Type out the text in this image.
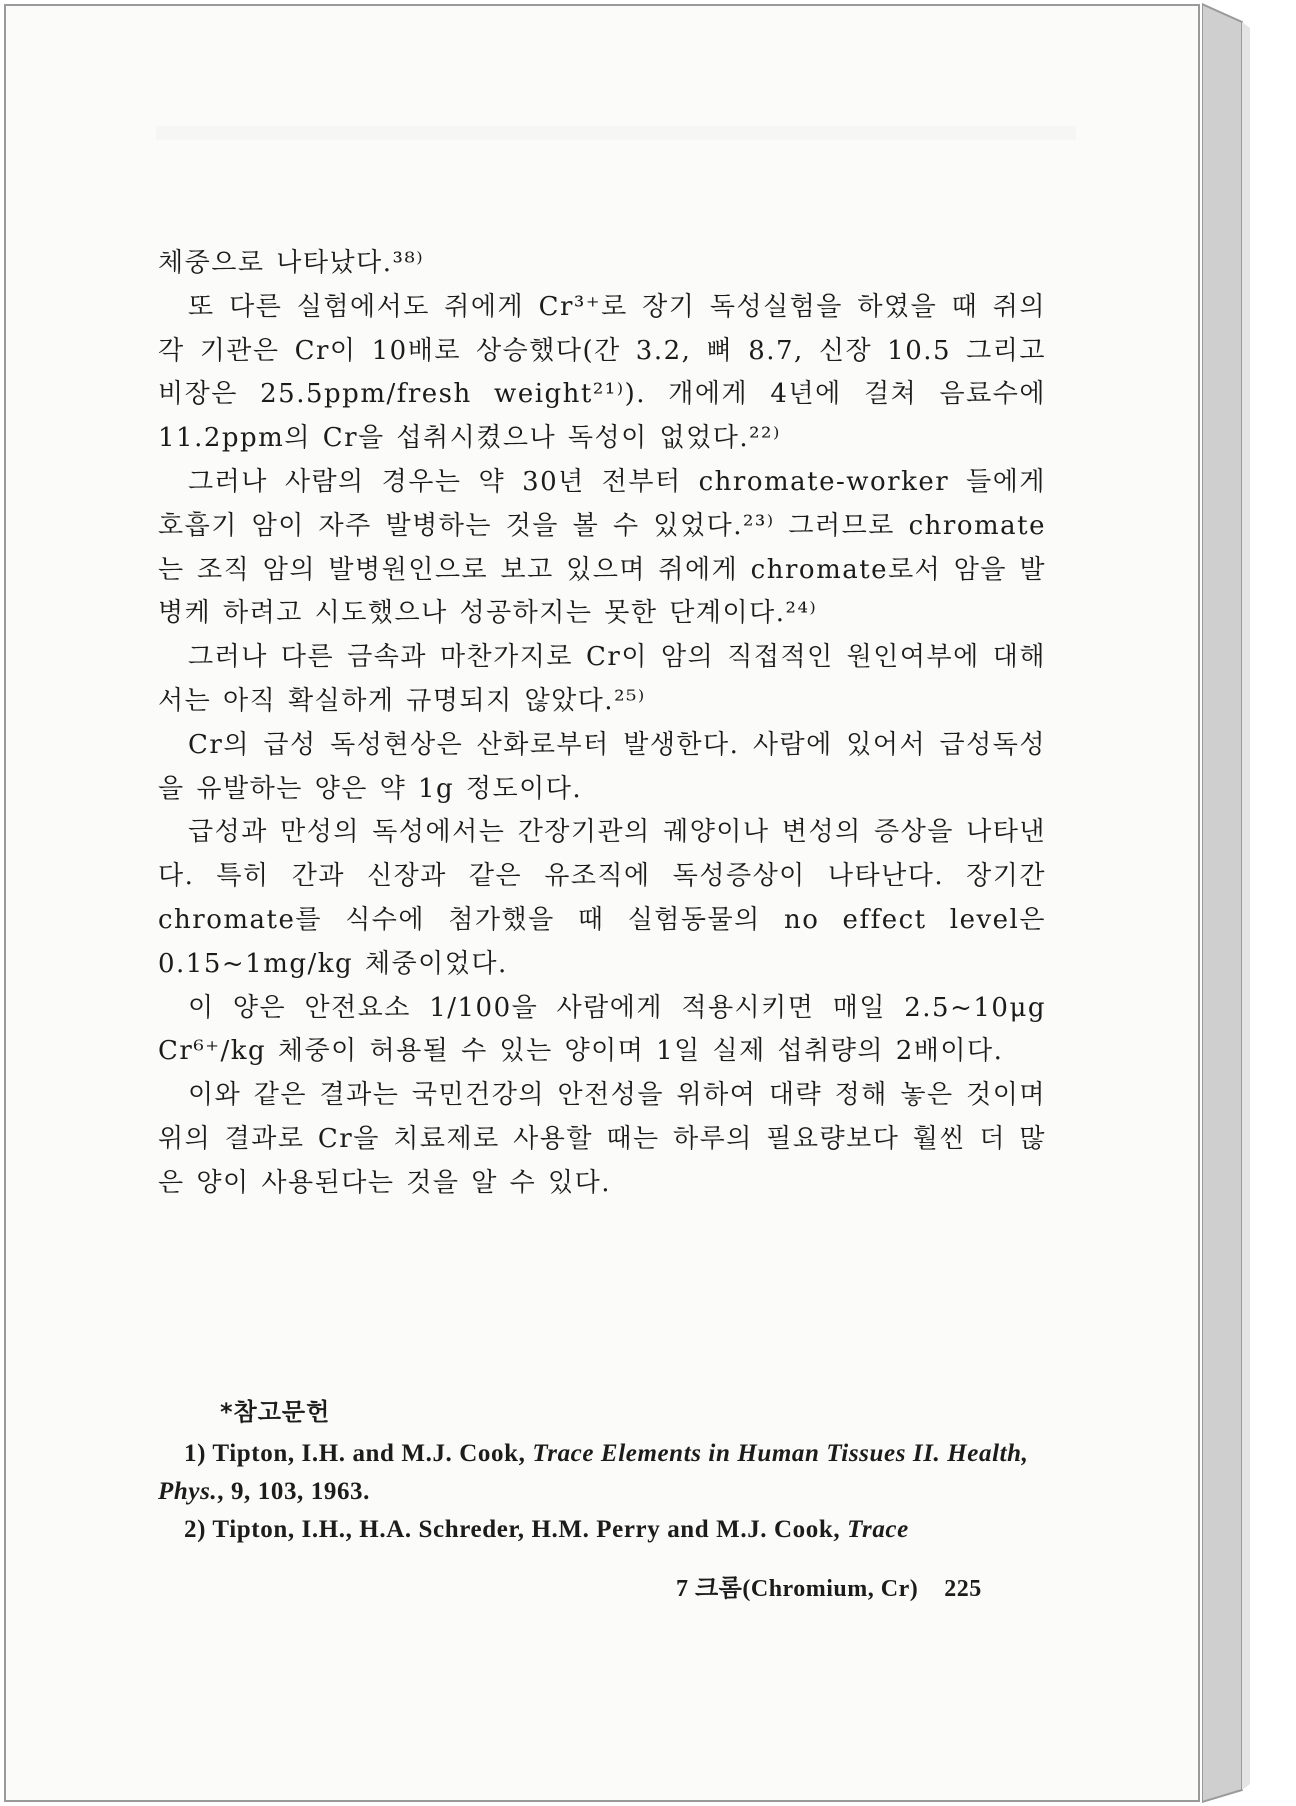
체중으로 나타났다.³⁸⁾

또 다른 실험에서도 쥐에게 Cr³⁺로 장기 독성실험을 하였을 때 쥐의 각 기관은 Cr이 10배로 상승했다(간 3.2, 뼈 8.7, 신장 10.5 그리고 비장은 25.5ppm/fresh weight²¹⁾). 개에게 4년에 걸쳐 음료수에 11.2ppm의 Cr을 섭취시켰으나 독성이 없었다.²²⁾

그러나 사람의 경우는 약 30년 전부터 chromate-worker 들에게 호흡기 암이 자주 발병하는 것을 볼 수 있었다.²³⁾ 그러므로 chromate는 조직 암의 발병원인으로 보고 있으며 쥐에게 chromate로서 암을 발병케 하려고 시도했으나 성공하지는 못한 단계이다.²⁴⁾

그러나 다른 금속과 마찬가지로 Cr이 암의 직접적인 원인여부에 대해서는 아직 확실하게 규명되지 않았다.²⁵⁾

Cr의 급성 독성현상은 산화로부터 발생한다. 사람에 있어서 급성독성을 유발하는 양은 약 1g 정도이다.

급성과 만성의 독성에서는 간장기관의 궤양이나 변성의 증상을 나타낸다. 특히 간과 신장과 같은 유조직에 독성증상이 나타난다. 장기간 chromate를 식수에 첨가했을 때 실험동물의 no effect level은 0.15~1mg/kg 체중이었다.

이 양은 안전요소 1/100을 사람에게 적용시키면 매일 2.5~10μg Cr⁶⁺/kg 체중이 허용될 수 있는 양이며 1일 실제 섭취량의 2배이다.

이와 같은 결과는 국민건강의 안전성을 위하여 대략 정해 놓은 것이며 위의 결과로 Cr을 치료제로 사용할 때는 하루의 필요량보다 훨씬 더 많은 양이 사용된다는 것을 알 수 있다.

*참고문헌

1) Tipton, I.H. and M.J. Cook, Trace Elements in Human Tissues II. Health, Phys., 9, 103, 1963.

2) Tipton, I.H., H.A. Schreder, H.M. Perry and M.J. Cook, Trace

7 크롬(Chromium, Cr) 225
